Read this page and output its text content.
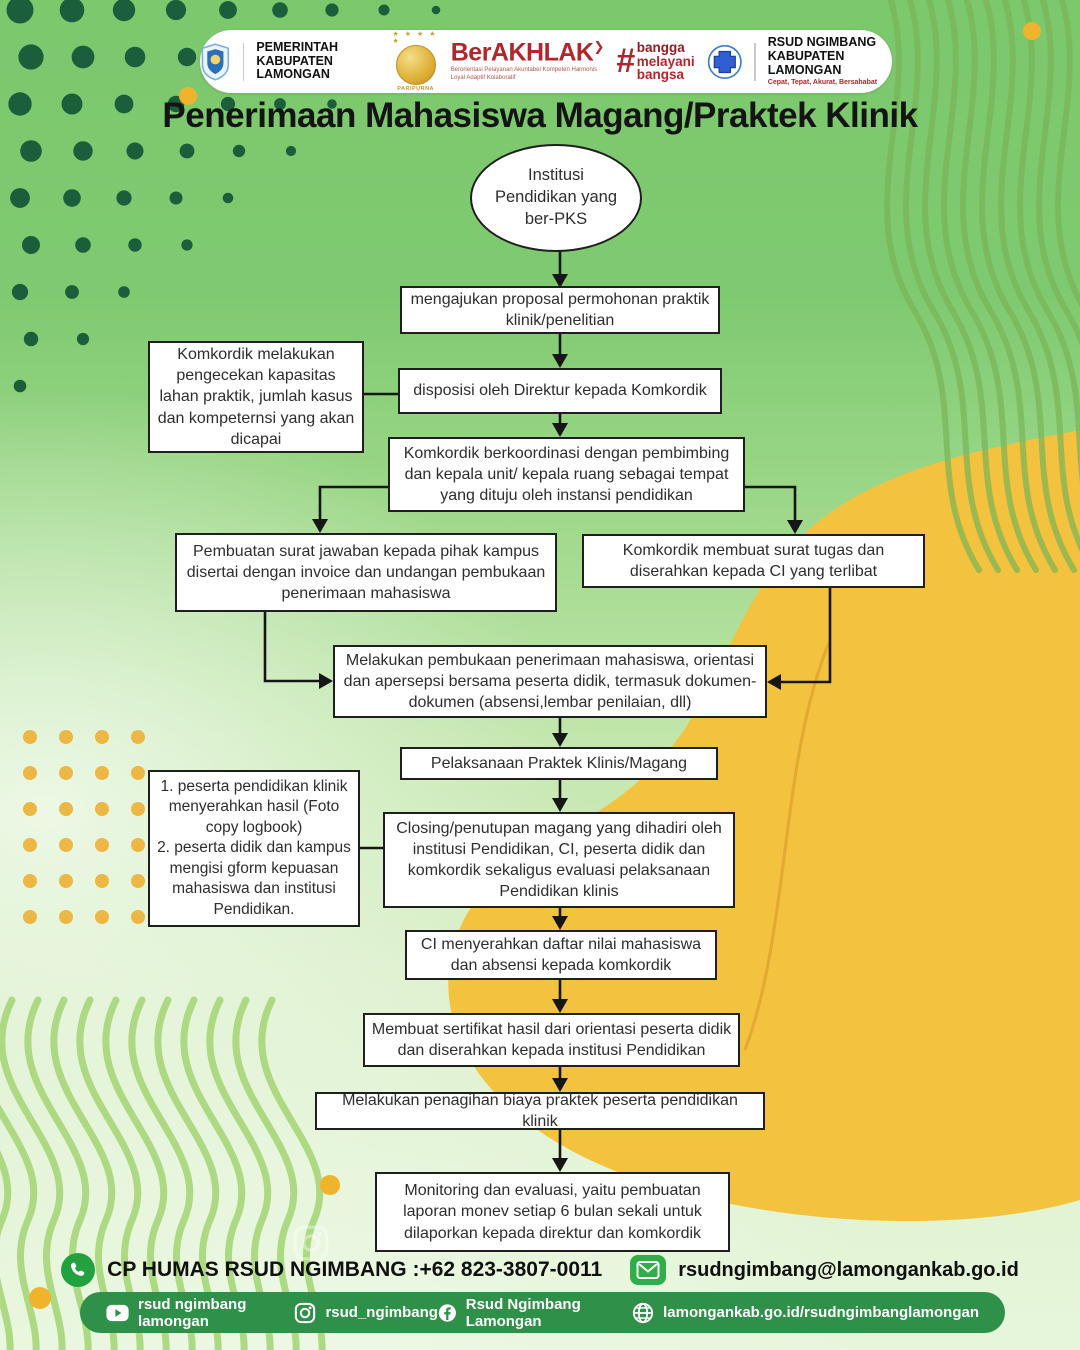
PEMERINTAH
KABUPATEN LAMONGAN
★ ★ ★ ★ ★
PARIPURNA
BerAKHLAK❯
Berorientasi Pelayanan Akuntabel Kompeten Harmonis Loyal Adaptif Kolaboratif	# bangga
melayani
bangsa
RSUD NGIMBANG
KABUPATEN LAMONGAN
Cepat, Tepat, Akurat, Bersahabat
Penerimaan Mahasiswa Magang/Praktek Klinik
Institusi Pendidikan yang ber-PKS
mengajukan proposal permohonan praktik klinik/penelitian
Komkordik melakukan pengecekan kapasitas lahan praktik, jumlah kasus dan kompeternsi yang akan dicapai
disposisi oleh Direktur kepada Komkordik
Komkordik berkoordinasi dengan pembimbing dan kepala unit/ kepala ruang sebagai tempat yang dituju oleh instansi pendidikan
Pembuatan surat jawaban kepada pihak kampus disertai dengan invoice dan undangan pembukaan penerimaan mahasiswa
Komkordik membuat surat tugas dan diserahkan kepada CI yang terlibat
Melakukan pembukaan penerimaan mahasiswa, orientasi dan apersepsi bersama peserta didik, termasuk dokumen-dokumen (absensi,lembar penilaian, dll)
Pelaksanaan Praktek Klinis/Magang
1. peserta pendidikan klinik menyerahkan hasil (Foto copy logbook)
2. peserta didik dan kampus mengisi gform kepuasan mahasiswa dan institusi Pendidikan.
Closing/penutupan magang yang dihadiri oleh institusi Pendidikan, CI, peserta didik dan komkordik sekaligus evaluasi pelaksanaan Pendidikan klinis
CI menyerahkan daftar nilai mahasiswa dan absensi kepada komkordik
Membuat sertifikat hasil dari orientasi peserta didik dan diserahkan kepada institusi Pendidikan
Melakukan penagihan biaya praktek peserta pendidikan klinik
Monitoring dan evaluasi, yaitu pembuatan laporan monev setiap 6 bulan sekali untuk dilaporkan kepada direktur dan komkordik
CP HUMAS RSUD NGIMBANG :+62 823-3807-0011	rsudngimbang@lamongankab.go.id
rsud ngimbang lamongan	rsud_ngimbang Rsud Ngimbang Lamongan	lamongankab.go.id/rsudngimbanglamongan
